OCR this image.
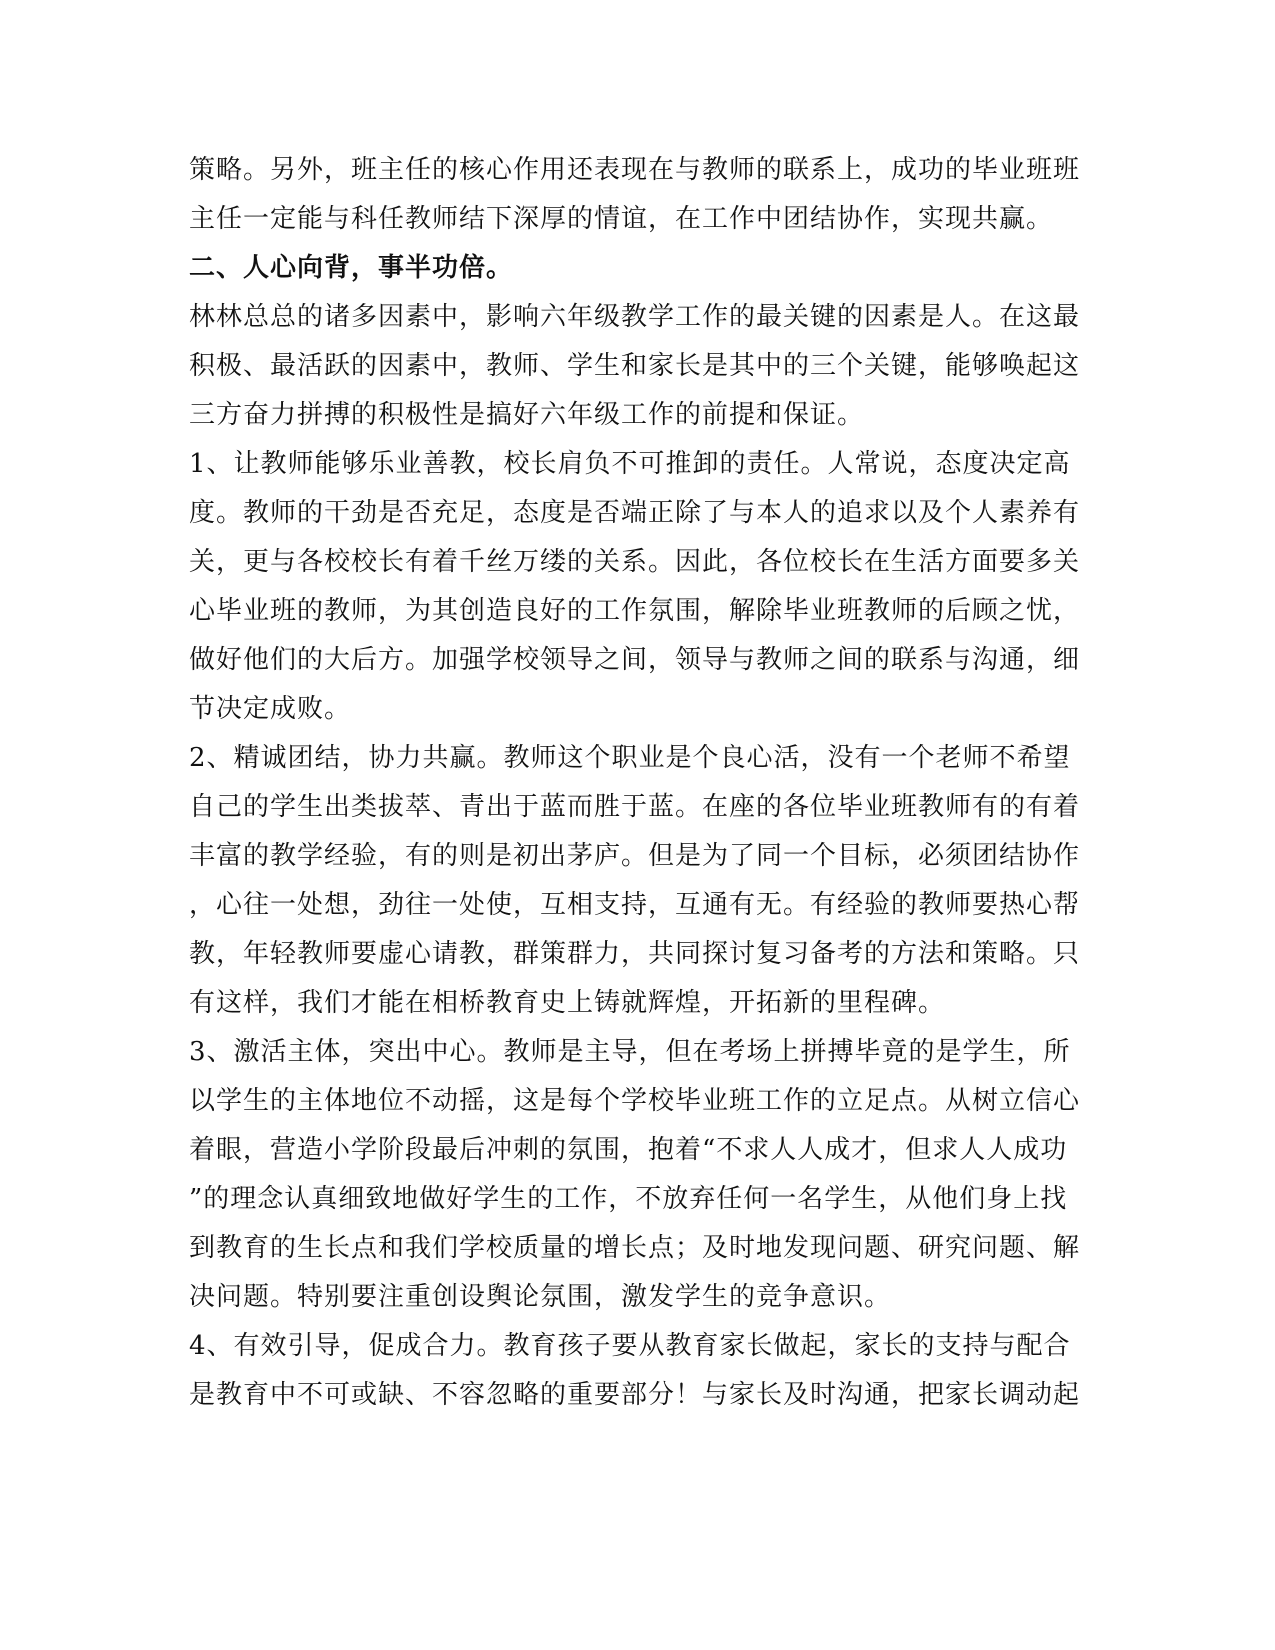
策略。另外，班主任的核心作用还表现在与教师的联系上，成功的毕业班班
主任一定能与科任教师结下深厚的情谊，在工作中团结协作，实现共赢。
二、人心向背，事半功倍。
林林总总的诸多因素中，影响六年级教学工作的最关键的因素是人。在这最
积极、最活跃的因素中，教师、学生和家长是其中的三个关键，能够唤起这
三方奋力拼搏的积极性是搞好六年级工作的前提和保证。
1、让教师能够乐业善教，校长肩负不可推卸的责任。人常说，态度决定高
度。教师的干劲是否充足，态度是否端正除了与本人的追求以及个人素养有
关，更与各校校长有着千丝万缕的关系。因此，各位校长在生活方面要多关
心毕业班的教师，为其创造良好的工作氛围，解除毕业班教师的后顾之忧，
做好他们的大后方。加强学校领导之间，领导与教师之间的联系与沟通，细
节决定成败。
2、精诚团结，协力共赢。教师这个职业是个良心活，没有一个老师不希望
自己的学生出类拔萃、青出于蓝而胜于蓝。在座的各位毕业班教师有的有着
丰富的教学经验，有的则是初出茅庐。但是为了同一个目标，必须团结协作
，心往一处想，劲往一处使，互相支持，互通有无。有经验的教师要热心帮
教，年轻教师要虚心请教，群策群力，共同探讨复习备考的方法和策略。只
有这样，我们才能在相桥教育史上铸就辉煌，开拓新的里程碑。
3、激活主体，突出中心。教师是主导，但在考场上拼搏毕竟的是学生，所
以学生的主体地位不动摇，这是每个学校毕业班工作的立足点。从树立信心
着眼，营造小学阶段最后冲刺的氛围，抱着“不求人人成才，但求人人成功
”的理念认真细致地做好学生的工作，不放弃任何一名学生，从他们身上找
到教育的生长点和我们学校质量的增长点；及时地发现问题、研究问题、解
决问题。特别要注重创设舆论氛围，激发学生的竞争意识。
4、有效引导，促成合力。教育孩子要从教育家长做起，家长的支持与配合
是教育中不可或缺、不容忽略的重要部分！与家长及时沟通，把家长调动起
